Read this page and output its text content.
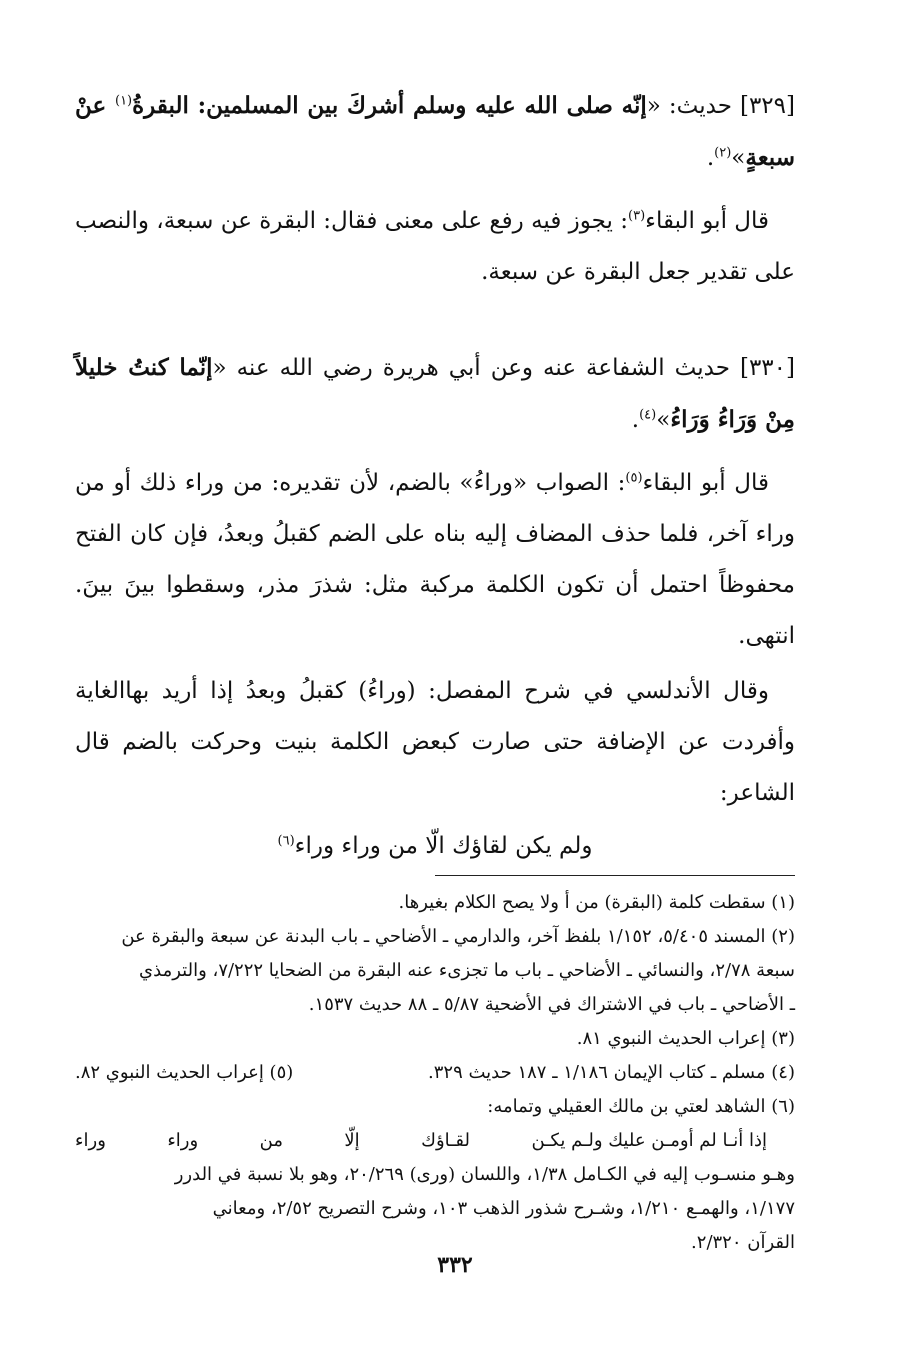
[٣٢٩] حديث: «إنّه صلى الله عليه وسلم أشركَ بين المسلمين: البقرةُ$^{(١)}$ عنْ سبعةٍ»$^{(٢)}$.

قال أبو البقاء$^{(٣)}$: يجوز فيه رفع على معنى فقال: البقرة عن سبعة، والنصب على تقدير جعل البقرة عن سبعة.

[٣٣٠] حديث الشفاعة عنه وعن أبي هريرة رضي الله عنه «إنّما كنتُ خليلاً مِنْ وَرَاءُ وَرَاءُ»$^{(٤)}$.

قال أبو البقاء$^{(٥)}$: الصواب «وراءُ» بالضم، لأن تقديره: من وراء ذلك أو من وراء آخر، فلما حذف المضاف إليه بناه على الضم كقبلُ وبعدُ، فإن كان الفتح محفوظاً احتمل أن تكون الكلمة مركبة مثل: شذرَ مذر، وسقطوا بينَ بينَ. انتهى.

وقال الأندلسي في شرح المفصل: (وراءُ) كقبلُ وبعدُ إذا أريد بهاالغاية وأفردت عن الإضافة حتى صارت كبعض الكلمة بنيت وحركت بالضم قال الشاعر:

ولم يكن لقاؤك الّا من وراء وراء$^{(٦)}$

(١) سقطت كلمة (البقرة) من أ ولا يصح الكلام بغيرها.

(٢) المسند ٥/٤٠٥، ١/١٥٢ بلفظ آخر، والدارمي ـ الأضاحي ـ باب البدنة عن سبعة والبقرة عن

سبعة ٢/٧٨، والنسائي ـ الأضاحي ـ باب ما تجزىء عنه البقرة من الضحايا ٧/٢٢٢، والترمذي

ـ الأضاحي ـ باب في الاشتراك في الأضحية ٥/٨٧ ـ ٨٨ حديث ١٥٣٧.

(٣) إعراب الحديث النبوي ٨١.

(٤) مسلم ـ كتاب الإيمان ١/١٨٦ ـ ١٨٧ حديث ٣٢٩.
(٥) إعراب الحديث النبوي ٨٢.

(٦) الشاهد لعتي بن مالك العقيلي وتمامه:

إذا أنـا لم أومـن عليك ولـم يكـن
لقـاؤك
إلّا
من
وراء
وراء

وهـو منسـوب إليه في الكـامل ١/٣٨، واللسان (ورى) ٢٠/٢٦٩، وهو بلا نسبة في الدرر

١/١٧٧، والهمـع ١/٢١٠، وشـرح شذور الذهب ١٠٣، وشرح التصريح ٢/٥٢، ومعاني

القرآن ٢/٣٢٠.

٣٣٢
